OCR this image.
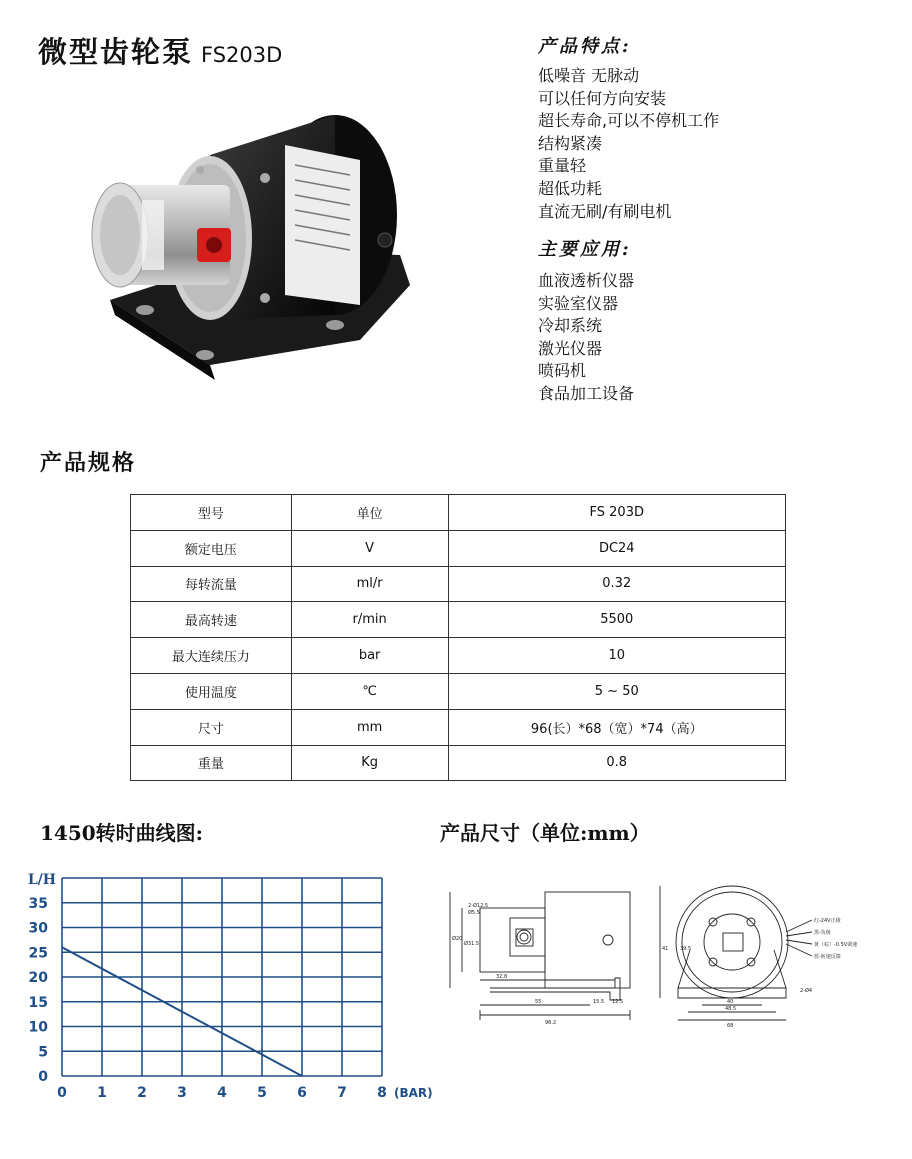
微型齿轮泵 FS203D	产品特点:
低噪音 无脉动
可以任何方向安装
超长寿命,可以不停机工作
结构紧凑
重量轻
超低功耗
直流无刷/有刷电机
主要应用:
血液透析仪器
实验室仪器
冷却系统
激光仪器
喷码机
食品加工设备
产品规格
型号	单位	FS 203D
额定电压	V	DC24
每转流量	ml/r	0.32
最高转速	r/min	5500
最大连续压力	bar	10
使用温度	℃	5 ~ 50
尺寸	mm	96(长）*68（宽）*74（高）
重量	Kg	0.8
1450转时曲线图:
0 1 2 3 4 5 6 7 8
0
5
10
15
20
25
30
35
L/H
(BAR)
产品尺寸（单位:mm）
2-Ø12.5
Ø5.5
Ø20
Ø31.5
32.8
55	15.5 12.5
96.2
39.5
41
2-Ø4
40
48.5
68
红-24V正极
黑-负极
黄（棕）-0.5V调速
蓝-转速反馈
